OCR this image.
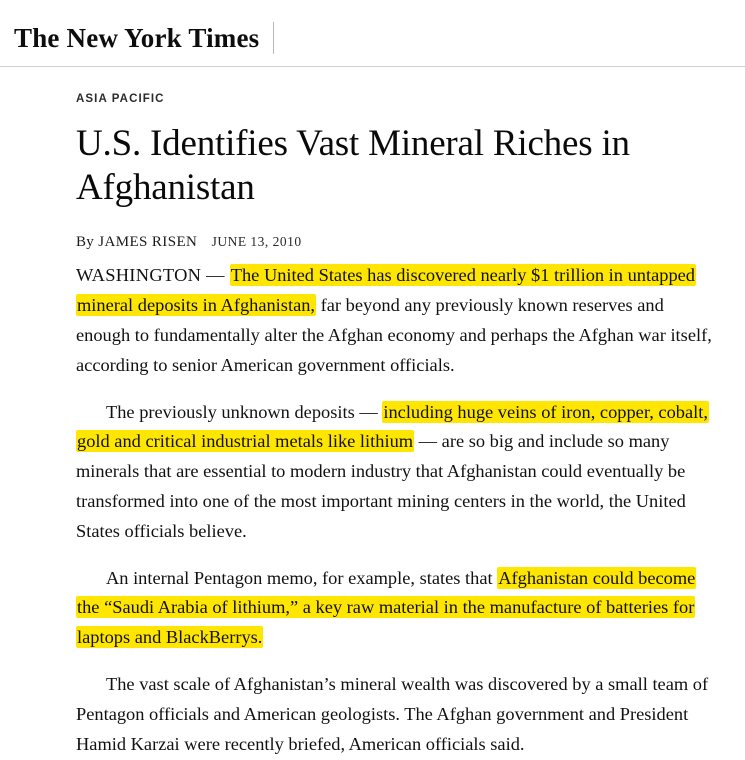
The New York Times
ASIA PACIFIC
U.S. Identifies Vast Mineral Riches in Afghanistan
By JAMES RISEN JUNE 13, 2010

WASHINGTON — The United States has discovered nearly $1 trillion in untapped mineral deposits in Afghanistan, far beyond any previously known reserves and enough to fundamentally alter the Afghan economy and perhaps the Afghan war itself, according to senior American government officials.

The previously unknown deposits — including huge veins of iron, copper, cobalt, gold and critical industrial metals like lithium — are so big and include so many minerals that are essential to modern industry that Afghanistan could eventually be transformed into one of the most important mining centers in the world, the United States officials believe.

An internal Pentagon memo, for example, states that Afghanistan could become the “Saudi Arabia of lithium,” a key raw material in the manufacture of batteries for laptops and BlackBerrys.

The vast scale of Afghanistan’s mineral wealth was discovered by a small team of Pentagon officials and American geologists. The Afghan government and President Hamid Karzai were recently briefed, American officials said.
